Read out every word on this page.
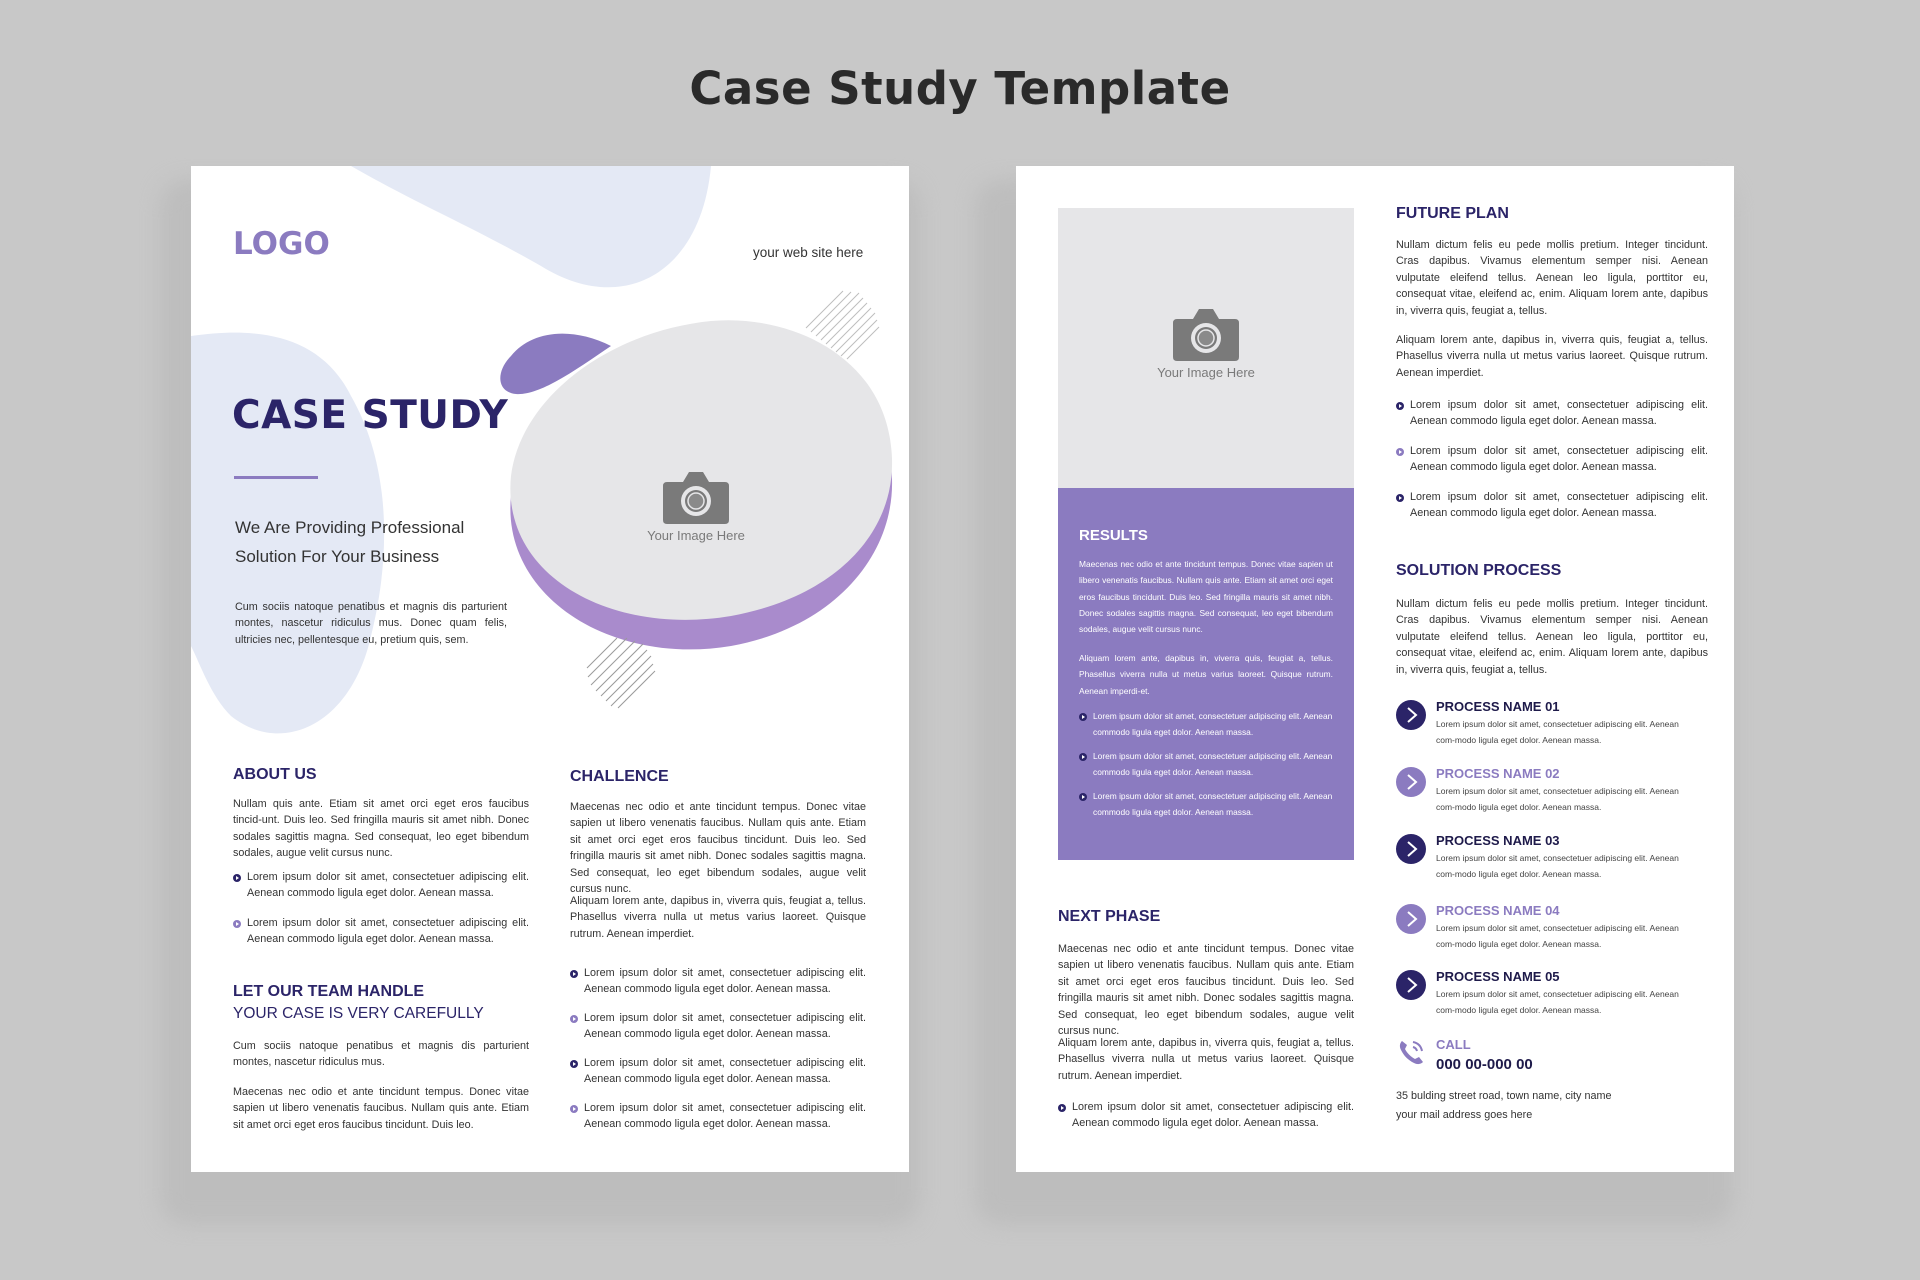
Case Study Template
LOGO	your web site here
CASE STUDY
We Are Providing Professional
Solution For Your Business

Cum sociis natoque penatibus et magnis dis parturient montes, nascetur ridiculus mus. Donec quam felis, ultricies nec, pellentesque eu, pretium quis, sem.

Your Image Here
ABOUT US

Nullam quis ante. Etiam sit amet orci eget eros faucibus tincid-unt. Duis leo. Sed fringilla mauris sit amet nibh. Donec sodales sagittis magna. Sed consequat, leo eget bibendum sodales, augue velit cursus nunc.

Lorem ipsum dolor sit amet, consectetuer adipiscing elit. Aenean commodo ligula eget dolor. Aenean massa.

Lorem ipsum dolor sit amet, consectetuer adipiscing elit. Aenean commodo ligula eget dolor. Aenean massa.

LET OUR TEAM HANDLE
YOUR CASE IS VERY CAREFULLY

Cum sociis natoque penatibus et magnis dis parturient montes, nascetur ridiculus mus.

Maecenas nec odio et ante tincidunt tempus. Donec vitae sapien ut libero venenatis faucibus. Nullam quis ante. Etiam sit amet orci eget eros faucibus tincidunt. Duis leo.

CHALLENCE

Maecenas nec odio et ante tincidunt tempus. Donec vitae sapien ut libero venenatis faucibus. Nullam quis ante. Etiam sit amet orci eget eros faucibus tincidunt. Duis leo. Sed fringilla mauris sit amet nibh. Donec sodales sagittis magna. Sed consequat, leo eget bibendum sodales, augue velit cursus nunc.

Aliquam lorem ante, dapibus in, viverra quis, feugiat a, tellus. Phasellus viverra nulla ut metus varius laoreet. Quisque rutrum. Aenean imperdiet.

Lorem ipsum dolor sit amet, consectetuer adipiscing elit. Aenean commodo ligula eget dolor. Aenean massa.

Lorem ipsum dolor sit amet, consectetuer adipiscing elit. Aenean commodo ligula eget dolor. Aenean massa.

Lorem ipsum dolor sit amet, consectetuer adipiscing elit. Aenean commodo ligula eget dolor. Aenean massa.

Lorem ipsum dolor sit amet, consectetuer adipiscing elit. Aenean commodo ligula eget dolor. Aenean massa.

Your Image Here
RESULTS

Maecenas nec odio et ante tincidunt tempus. Donec vitae sapien ut libero venenatis faucibus. Nullam quis ante. Etiam sit amet orci eget eros faucibus tincidunt. Duis leo. Sed fringilla mauris sit amet nibh. Donec sodales sagittis magna. Sed consequat, leo eget bibendum sodales, augue velit cursus nunc.

Aliquam lorem ante, dapibus in, viverra quis, feugiat a, tellus. Phasellus viverra nulla ut metus varius laoreet. Quisque rutrum. Aenean imperdi-et.

Lorem ipsum dolor sit amet, consectetuer adipiscing elit. Aenean commodo ligula eget dolor. Aenean massa.

Lorem ipsum dolor sit amet, consectetuer adipiscing elit. Aenean commodo ligula eget dolor. Aenean massa.

Lorem ipsum dolor sit amet, consectetuer adipiscing elit. Aenean commodo ligula eget dolor. Aenean massa.

NEXT PHASE

Maecenas nec odio et ante tincidunt tempus. Donec vitae sapien ut libero venenatis faucibus. Nullam quis ante. Etiam sit amet orci eget eros faucibus tincidunt. Duis leo. Sed fringilla mauris sit amet nibh. Donec sodales sagittis magna. Sed consequat, leo eget bibendum sodales, augue velit cursus nunc.

Aliquam lorem ante, dapibus in, viverra quis, feugiat a, tellus. Phasellus viverra nulla ut metus varius laoreet. Quisque rutrum. Aenean imperdiet.

Lorem ipsum dolor sit amet, consectetuer adipiscing elit. Aenean commodo ligula eget dolor. Aenean massa.

FUTURE PLAN

Nullam dictum felis eu pede mollis pretium. Integer tincidunt. Cras dapibus. Vivamus elementum semper nisi. Aenean vulputate eleifend tellus. Aenean leo ligula, porttitor eu, consequat vitae, eleifend ac, enim. Aliquam lorem ante, dapibus in, viverra quis, feugiat a, tellus.

Aliquam lorem ante, dapibus in, viverra quis, feugiat a, tellus. Phasellus viverra nulla ut metus varius laoreet. Quisque rutrum. Aenean imperdiet.

Lorem ipsum dolor sit amet, consectetuer adipiscing elit. Aenean commodo ligula eget dolor. Aenean massa.

Lorem ipsum dolor sit amet, consectetuer adipiscing elit. Aenean commodo ligula eget dolor. Aenean massa.

Lorem ipsum dolor sit amet, consectetuer adipiscing elit. Aenean commodo ligula eget dolor. Aenean massa.

SOLUTION PROCESS

Nullam dictum felis eu pede mollis pretium. Integer tincidunt. Cras dapibus. Vivamus elementum semper nisi. Aenean vulputate eleifend tellus. Aenean leo ligula, porttitor eu, consequat vitae, eleifend ac, enim. Aliquam lorem ante, dapibus in, viverra quis, feugiat a, tellus.

PROCESS NAME 01

Lorem ipsum dolor sit amet, consectetuer adipiscing elit. Aenean com-modo ligula eget dolor. Aenean massa.

PROCESS NAME 02

Lorem ipsum dolor sit amet, consectetuer adipiscing elit. Aenean com-modo ligula eget dolor. Aenean massa.

PROCESS NAME 03

Lorem ipsum dolor sit amet, consectetuer adipiscing elit. Aenean com-modo ligula eget dolor. Aenean massa.

PROCESS NAME 04

Lorem ipsum dolor sit amet, consectetuer adipiscing elit. Aenean com-modo ligula eget dolor. Aenean massa.

PROCESS NAME 05

Lorem ipsum dolor sit amet, consectetuer adipiscing elit. Aenean com-modo ligula eget dolor. Aenean massa.

CALL
000 00-000 00
35 bulding street road, town name, city name
your mail address goes here
